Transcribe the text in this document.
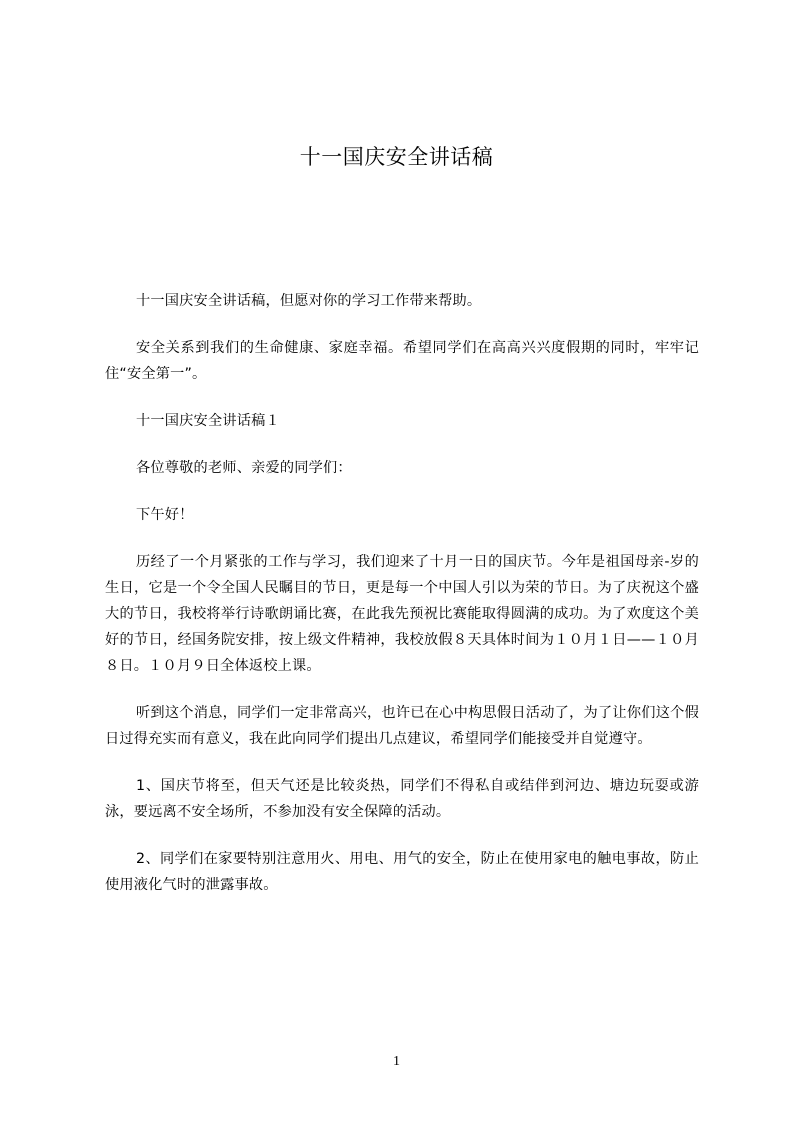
十一国庆安全讲话稿

十一国庆安全讲话稿，但愿对你的学习工作带来帮助。

安全关系到我们的生命健康、家庭幸福。希望同学们在高高兴兴度假期的同时，牢牢记住“安全第一”。

十一国庆安全讲话稿１

各位尊敬的老师、亲爱的同学们：

下午好！

历经了一个月紧张的工作与学习，我们迎来了十月一日的国庆节。今年是祖国母亲-岁的生日，它是一个令全国人民瞩目的节日，更是每一个中国人引以为荣的节日。为了庆祝这个盛大的节日，我校将举行诗歌朗诵比赛，在此我先预祝比赛能取得圆满的成功。为了欢度这个美好的节日，经国务院安排，按上级文件精神，我校放假８天具体时间为１０月１日——１０月８日。１０月９日全体返校上课。

听到这个消息，同学们一定非常高兴，也许已在心中构思假日活动了，为了让你们这个假日过得充实而有意义，我在此向同学们提出几点建议，希望同学们能接受并自觉遵守。

1、国庆节将至，但天气还是比较炎热，同学们不得私自或结伴到河边、塘边玩耍或游泳，要远离不安全场所，不参加没有安全保障的活动。

2、同学们在家要特别注意用火、用电、用气的安全，防止在使用家电的触电事故，防止使用液化气时的泄露事故。

1
